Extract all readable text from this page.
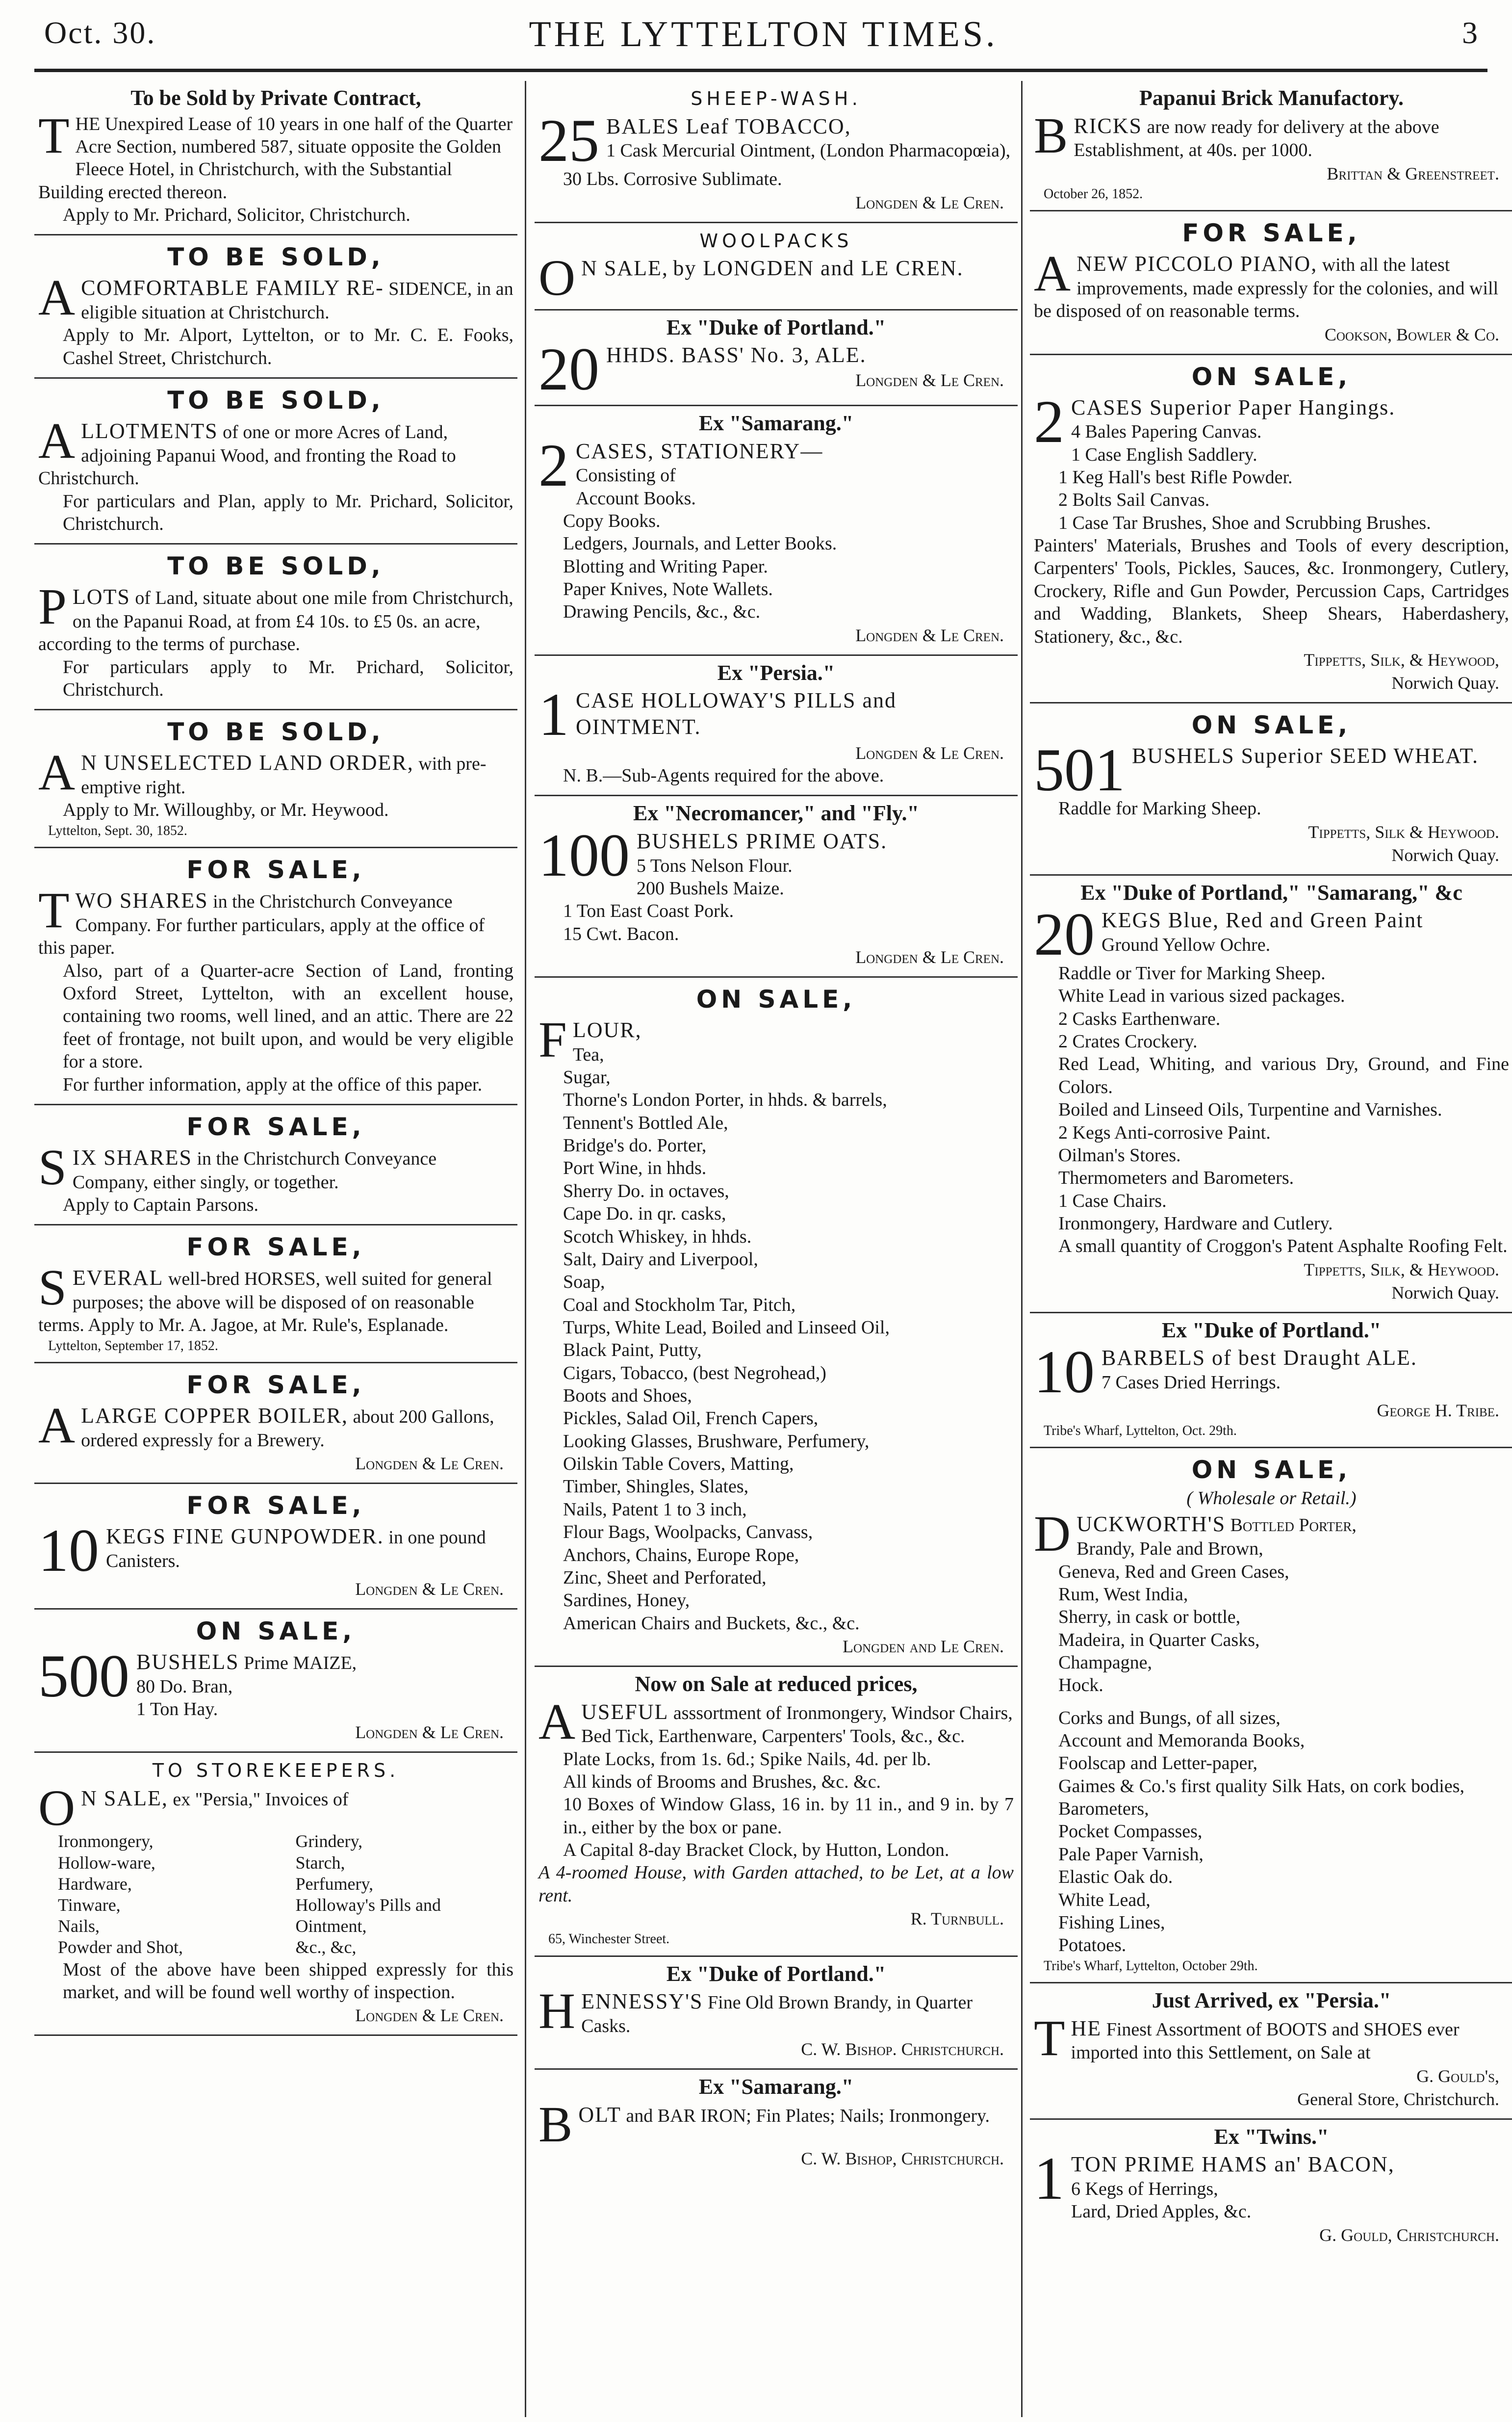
Oct. 30.	THE LYTTELTON TIMES.	3
To be Sold by Private Contract,

THE Unexpired Lease of 10 years in one half of the Quarter Acre Section, numbered 587, situate opposite the Golden Fleece Hotel, in Christchurch, with the Substantial Building erected thereon.

Apply to Mr. Prichard, Solicitor, Christchurch.

TO BE SOLD,

ACOMFORTABLE FAMILY RE- SIDENCE, in an eligible situation at Christchurch.

Apply to Mr. Alport, Lyttelton, or to Mr. C. E. Fooks, Cashel Street, Christchurch.

TO BE SOLD,

ALLOTMENTS of one or more Acres of Land, adjoining Papanui Wood, and fronting the Road to Christchurch.

For particulars and Plan, apply to Mr. Prichard, Solicitor, Christchurch.

TO BE SOLD,

PLOTS of Land, situate about one mile from Christchurch, on the Papanui Road, at from £4 10s. to £5 0s. an acre, according to the terms of purchase.

For particulars apply to Mr. Prichard, Solicitor, Christchurch.

TO BE SOLD,

A N UNSELECTED LAND ORDER, with pre-emptive right.

Apply to Mr. Willoughby, or Mr. Heywood.

Lyttelton, Sept. 30, 1852.
FOR SALE,

TWO SHARES in the Christchurch Conveyance Company. For further particulars, apply at the office of this paper.

Also, part of a Quarter-acre Section of Land, fronting Oxford Street, Lyttelton, with an excellent house, containing two rooms, well lined, and an attic. There are 22 feet of frontage, not built upon, and would be very eligible for a store.

For further information, apply at the office of this paper.

FOR SALE,

SIX SHARES in the Christchurch Conveyance Company, either singly, or together.

Apply to Captain Parsons.

FOR SALE,

SEVERAL well-bred HORSES, well suited for general purposes; the above will be disposed of on reasonable terms. Apply to Mr. A. Jagoe, at Mr. Rule's, Esplanade.

Lyttelton, September 17, 1852.
FOR SALE,

ALARGE COPPER BOILER, about 200 Gallons, ordered expressly for a Brewery.

Longden & Le Cren.
FOR SALE,

10 KEGS FINE GUNPOWDER. in one pound Canisters.

Longden & Le Cren.
ON SALE,

500 BUSHELS Prime MAIZE,

80 Do. Bran,
1 Ton Hay.
Longden & Le Cren.
TO STOREKEEPERS.

O N SALE, ex "Persia," Invoices of

Ironmongery,
Hollow-ware,
Hardware,
Tinware,
Nails,
Powder and Shot,
Grindery,
Starch,
Perfumery,
Holloway's Pills and
Ointment,
&c., &c,

Most of the above have been shipped expressly for this market, and will be found well worthy of inspection.

Longden & Le Cren.
SHEEP-WASH.

25 BALES Leaf TOBACCO,

1 Cask Mercurial Ointment, (London Pharmacopœia),
30 Lbs. Corrosive Sublimate.
Longden & Le Cren.
WOOLPACKS

O N SALE, by LONGDEN and LE CREN.

Ex "Duke of Portland."

20 HHDS. BASS' No. 3, ALE.

Longden & Le Cren.
Ex "Samarang."

2 CASES, STATIONERY—

Consisting of
Account Books.
Copy Books.
Ledgers, Journals, and Letter Books.
Blotting and Writing Paper.
Paper Knives, Note Wallets.
Drawing Pencils, &c., &c.
Longden & Le Cren.
Ex "Persia."

1 CASE HOLLOWAY'S PILLS and OINTMENT.

Longden & Le Cren.
N. B.—Sub-Agents required for the above.
Ex "Necromancer," and "Fly."

100 BUSHELS PRIME OATS.

5 Tons Nelson Flour.
200 Bushels Maize.
1 Ton East Coast Pork.
15 Cwt. Bacon.
Longden & Le Cren.
ON SALE,

FLOUR,

Tea,
Sugar,
Thorne's London Porter, in hhds. & barrels,
Tennent's Bottled Ale,
Bridge's do. Porter,
Port Wine, in hhds.
Sherry Do. in octaves,
Cape Do. in qr. casks,
Scotch Whiskey, in hhds.
Salt, Dairy and Liverpool,
Soap,
Coal and Stockholm Tar, Pitch,
Turps, White Lead, Boiled and Linseed Oil,
Black Paint, Putty,
Cigars, Tobacco, (best Negrohead,)
Boots and Shoes,
Pickles, Salad Oil, French Capers,
Looking Glasses, Brushware, Perfumery,
Oilskin Table Covers, Matting,
Timber, Shingles, Slates,
Nails, Patent 1 to 3 inch,
Flour Bags, Woolpacks, Canvass,
Anchors, Chains, Europe Rope,
Zinc, Sheet and Perforated,
Sardines, Honey,
American Chairs and Buckets, &c., &c.
Longden and Le Cren.
Now on Sale at reduced prices,

AUSEFUL asssortment of Ironmongery, Windsor Chairs, Bed Tick, Earthenware, Carpenters' Tools, &c., &c.

Plate Locks, from 1s. 6d.; Spike Nails, 4d. per lb.
All kinds of Brooms and Brushes, &c. &c.
10 Boxes of Window Glass, 16 in. by 11 in., and 9 in. by 7 in., either by the box or pane.
A Capital 8-day Bracket Clock, by Hutton, London.
A 4-roomed House, with Garden attached, to be Let, at a low rent.
R. Turnbull.
65, Winchester Street.
Ex "Duke of Portland."

HENNESSY'S Fine Old Brown Brandy, in Quarter Casks.

C. W. Bishop. Christchurch.
Ex "Samarang."

BOLT and BAR IRON; Fin Plates; Nails; Ironmongery.

C. W. Bishop, Christchurch.
Papanui Brick Manufactory.

BRICKS are now ready for delivery at the above Establishment, at 40s. per 1000.

Brittan & Greenstreet.
October 26, 1852.
FOR SALE,

ANEW PICCOLO PIANO, with all the latest improvements, made expressly for the colonies, and will be disposed of on reasonable terms.

Cookson, Bowler & Co.
ON SALE,

2 CASES Superior Paper Hangings.

4 Bales Papering Canvas.
1 Case English Saddlery.
1 Keg Hall's best Rifle Powder.
2 Bolts Sail Canvas.
1 Case Tar Brushes, Shoe and Scrubbing Brushes.

Painters' Materials, Brushes and Tools of every description, Carpenters' Tools, Pickles, Sauces, &c. Ironmongery, Cutlery, Crockery, Rifle and Gun Powder, Percussion Caps, Cartridges and Wadding, Blankets, Sheep Shears, Haberdashery, Stationery, &c., &c.

Tippetts, Silk, & Heywood,
Norwich Quay.
ON SALE,

501 BUSHELS Superior SEED WHEAT.

Raddle for Marking Sheep.
Tippetts, Silk & Heywood.
Norwich Quay.
Ex "Duke of Portland," "Samarang," &c

20 KEGS Blue, Red and Green Paint

Ground Yellow Ochre.
Raddle or Tiver for Marking Sheep.
White Lead in various sized packages.
2 Casks Earthenware.
2 Crates Crockery.
Red Lead, Whiting, and various Dry, Ground, and Fine Colors.
Boiled and Linseed Oils, Turpentine and Varnishes.
2 Kegs Anti-corrosive Paint.
Oilman's Stores.
Thermometers and Barometers.
1 Case Chairs.
Ironmongery, Hardware and Cutlery.
A small quantity of Croggon's Patent Asphalte Roofing Felt.
Tippetts, Silk, & Heywood.
Norwich Quay.
Ex "Duke of Portland."

10 BARBELS of best Draught ALE.

7 Cases Dried Herrings.
George H. Tribe.
Tribe's Wharf, Lyttelton, Oct. 29th.
ON SALE,
( Wholesale or Retail.)

DUCKWORTH'S Bottled Porter,

Brandy, Pale and Brown,
Geneva, Red and Green Cases,
Rum, West India,
Sherry, in cask or bottle,
Madeira, in Quarter Casks,
Champagne,
Hock.
Corks and Bungs, of all sizes,
Account and Memoranda Books,
Foolscap and Letter-paper,
Gaimes & Co.'s first quality Silk Hats, on cork bodies,
Barometers,
Pocket Compasses,
Pale Paper Varnish,
Elastic Oak do.
White Lead,
Fishing Lines,
Potatoes.
Tribe's Wharf, Lyttelton, October 29th.
Just Arrived, ex "Persia."

THE Finest Assortment of BOOTS and SHOES ever imported into this Settlement, on Sale at

G. Gould's,
General Store, Christchurch.
Ex "Twins."

1 TON PRIME HAMS an' BACON,

6 Kegs of Herrings,
Lard, Dried Apples, &c.
G. Gould, Christchurch.
